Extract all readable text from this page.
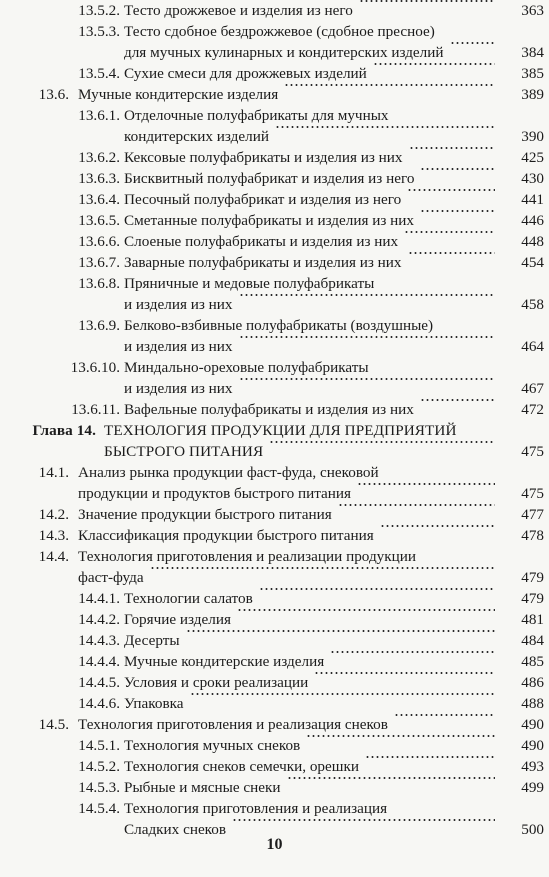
13.5.2. Тесто дрожжевое и изделия из него	363
13.5.3. Тесто сдобное бездрожжевое (сдобное пресное)
для мучных кулинарных и кондитерских изделий	384
13.5.4. Сухие смеси для дрожжевых изделий	385
13.6. Мучные кондитерские изделия	389
13.6.1. Отделочные полуфабрикаты для мучных
кондитерских изделий	390
13.6.2. Кексовые полуфабрикаты и изделия из них	425
13.6.3. Бисквитный полуфабрикат и изделия из него	430
13.6.4. Песочный полуфабрикат и изделия из него	441
13.6.5. Сметанные полуфабрикаты и изделия из них	446
13.6.6. Слоеные полуфабрикаты и изделия из них	448
13.6.7. Заварные полуфабрикаты и изделия из них	454
13.6.8. Пряничные и медовые полуфабрикаты
и изделия из них	458
13.6.9. Белково-взбивные полуфабрикаты (воздушные)
и изделия из них	464
13.6.10. Миндально-ореховые полуфабрикаты
и изделия из них	467
13.6.11. Вафельные полуфабрикаты и изделия из них	472
Глава 14. ТЕХНОЛОГИЯ ПРОДУКЦИИ ДЛЯ ПРЕДПРИЯТИЙ
БЫСТРОГО ПИТАНИЯ	475
14.1. Анализ рынка продукции фаст-фуда, снековой
продукции и продуктов быстрого питания	475
14.2. Значение продукции быстрого питания	477
14.3. Классификация продукции быстрого питания	478
14.4. Технология приготовления и реализации продукции
фаст-фуда	479
14.4.1. Технологии салатов	479
14.4.2. Горячие изделия	481
14.4.3. Десерты	484
14.4.4. Мучные кондитерские изделия	485
14.4.5. Условия и сроки реализации	486
14.4.6. Упаковка	488
14.5. Технология приготовления и реализация снеков	490
14.5.1. Технология мучных снеков	490
14.5.2. Технология снеков семечки, орешки	493
14.5.3. Рыбные и мясные снеки	499
14.5.4. Технология приготовления и реализация
Сладких снеков	500
10
